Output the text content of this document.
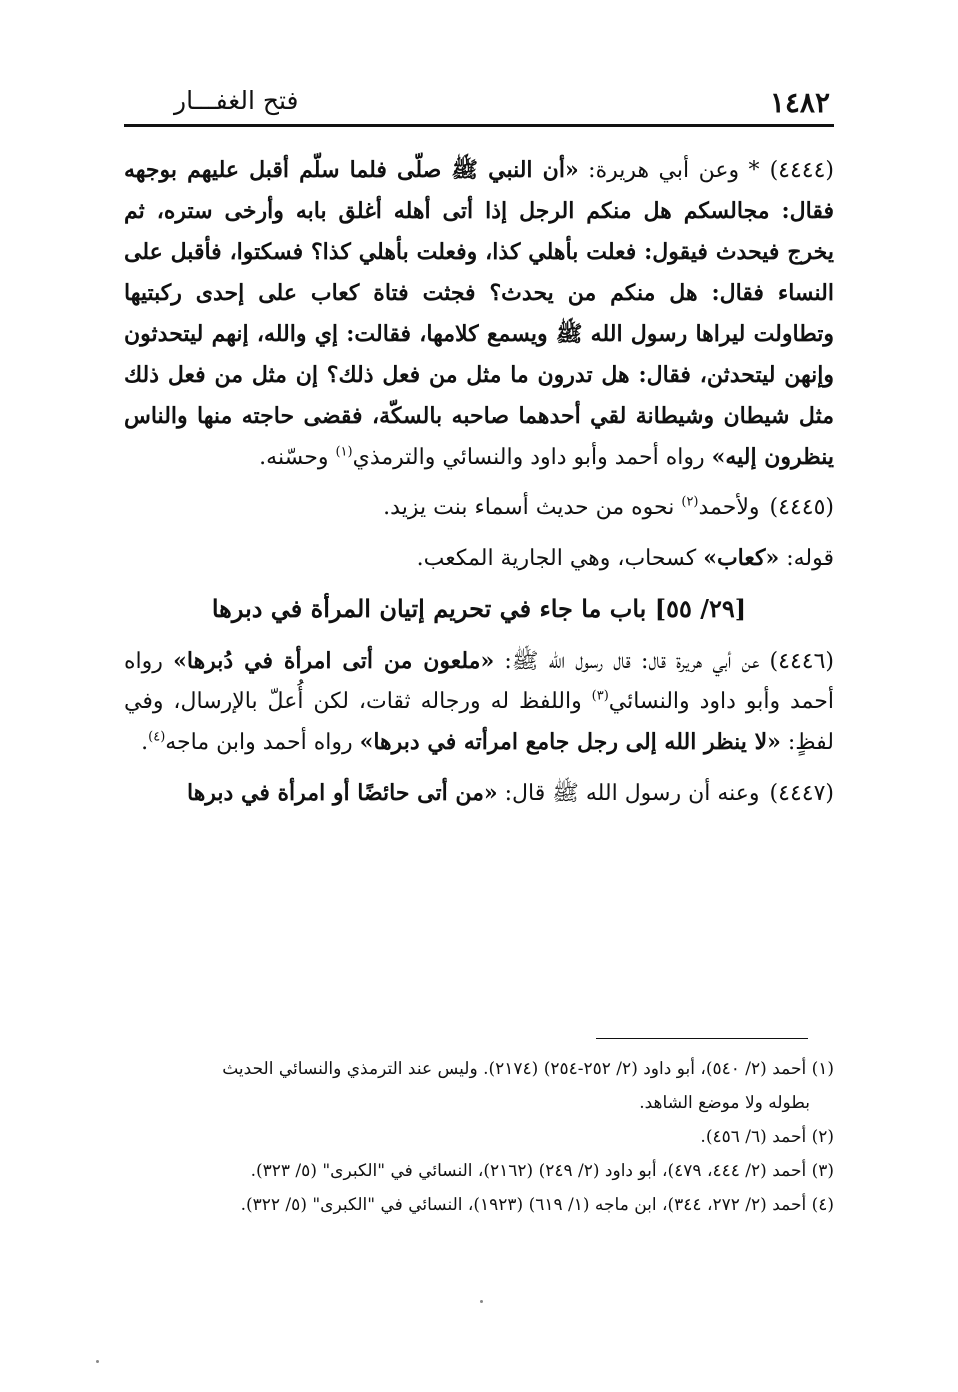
فتح الغفـــار	١٤٨٢

(٤٤٤٤)* وعن أبي هريرة: «أن النبي ﷺ صلّى فلما سلّم أقبل عليهم بوجهه فقال: مجالسكم هل منكم الرجل إذا أتى أهله أغلق بابه وأرخى ستره، ثم يخرج فيحدث فيقول: فعلت بأهلي كذا، وفعلت بأهلي كذا؟ فسكتوا، فأقبل على النساء فقال: هل منكم من يحدث؟ فجثت فتاة كعاب على إحدى ركبتيها وتطاولت ليراها رسول الله ﷺ ويسمع كلامها، فقالت: إي والله، إنهم ليتحدثون وإنهن ليتحدثن، فقال: هل تدرون ما مثل من فعل ذلك؟ إن مثل من فعل ذلك مثل شيطان وشيطانة لقي أحدهما صاحبه بالسكّة، فقضى حاجته منها والناس ينظرون إليه» رواه أحمد وأبو داود والنسائي والترمذي$^{(١)}$ وحسّنه.

(٤٤٤٥)ولأحمد$^{(٢)}$ نحوه من حديث أسماء بنت يزيد.

قوله: «كعاب» كسحاب، وهي الجارية المكعب.

[٢٩/ ٥٥] باب ما جاء في تحريم إتيان المرأة في دبرها

(٤٤٤٦)عن أبي هريرة قال: قال رسول الله ﷺ: «ملعون من أتى امرأة في دُبرها» رواه أحمد وأبو داود والنسائي$^{(٣)}$ واللفظ له ورجاله ثقات، لكن أُعلّ بالإرسال، وفي لفظٍ: «لا ينظر الله إلى رجل جامع امرأته في دبرها» رواه أحمد وابن ماجه$^{(٤)}$.

(٤٤٤٧)وعنه أن رسول الله ﷺ قال: «من أتى حائضًا أو امرأة في دبرها

(١) أحمد (٢/ ٥٤٠)، أبو داود (٢/ ٢٥٢-٢٥٤) (٢١٧٤). وليس عند الترمذي والنسائي الحديث
بطوله ولا موضع الشاهد.
(٢) أحمد (٦/ ٤٥٦).
(٣) أحمد (٢/ ٤٤٤، ٤٧٩)، أبو داود (٢/ ٢٤٩) (٢١٦٢)، النسائي في "الكبرى" (٥/ ٣٢٣).
(٤) أحمد (٢/ ٢٧٢، ٣٤٤)، ابن ماجه (١/ ٦١٩) (١٩٢٣)، النسائي في "الكبرى" (٥/ ٣٢٢).
